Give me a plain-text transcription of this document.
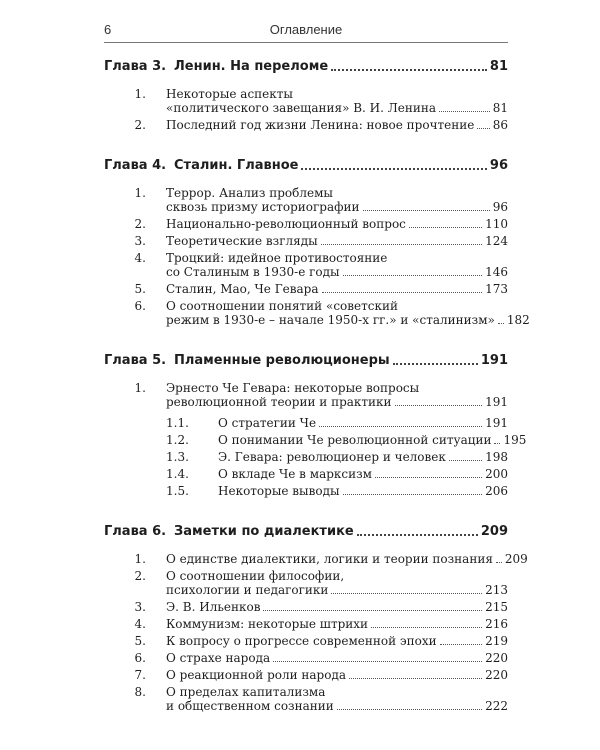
6	Оглавление
Глава 3. Ленин. На переломе	81
1.	Некоторые аспекты
«политического завещания» В. И. Ленина	81
2.	Последний год жизни Ленина: новое прочтение 86
Глава 4. Сталин. Главное	96
1.	Террор. Анализ проблемы
сквозь призму историографии	96
2.	Национально-революционный вопрос	110
3.	Теоретические взгляды	124
4.	Троцкий: идейное противостояние
со Сталиным в 1930-е годы	146
5.	Сталин, Мао, Че Гевара	173
6.	О соотношении понятий «советский
режим в 1930-е – начале 1950-х гг.» и «сталинизм» 182
Глава 5. Пламенные революционеры	191
1.	Эрнесто Че Гевара: некоторые вопросы
революционной теории и практики	191
1.1.	О стратегии Че	191
1.2.	О понимании Че революционной ситуации 195
1.3.	Э. Гевара: революционер и человек	198
1.4.	О вкладе Че в марксизм	200
1.5.	Некоторые выводы	206
Глава 6. Заметки по диалектике	209
1.	О единстве диалектики, логики и теории познания 209
2.	О соотношении философии,
психологии и педагогики	213
3.	Э. В. Ильенков	215
4.	Коммунизм: некоторые штрихи	216
5.	К вопросу о прогрессе современной эпохи	219
6.	О страхе народа	220
7.	О реакционной роли народа	220
8.	О пределах капитализма
и общественном сознании	222
